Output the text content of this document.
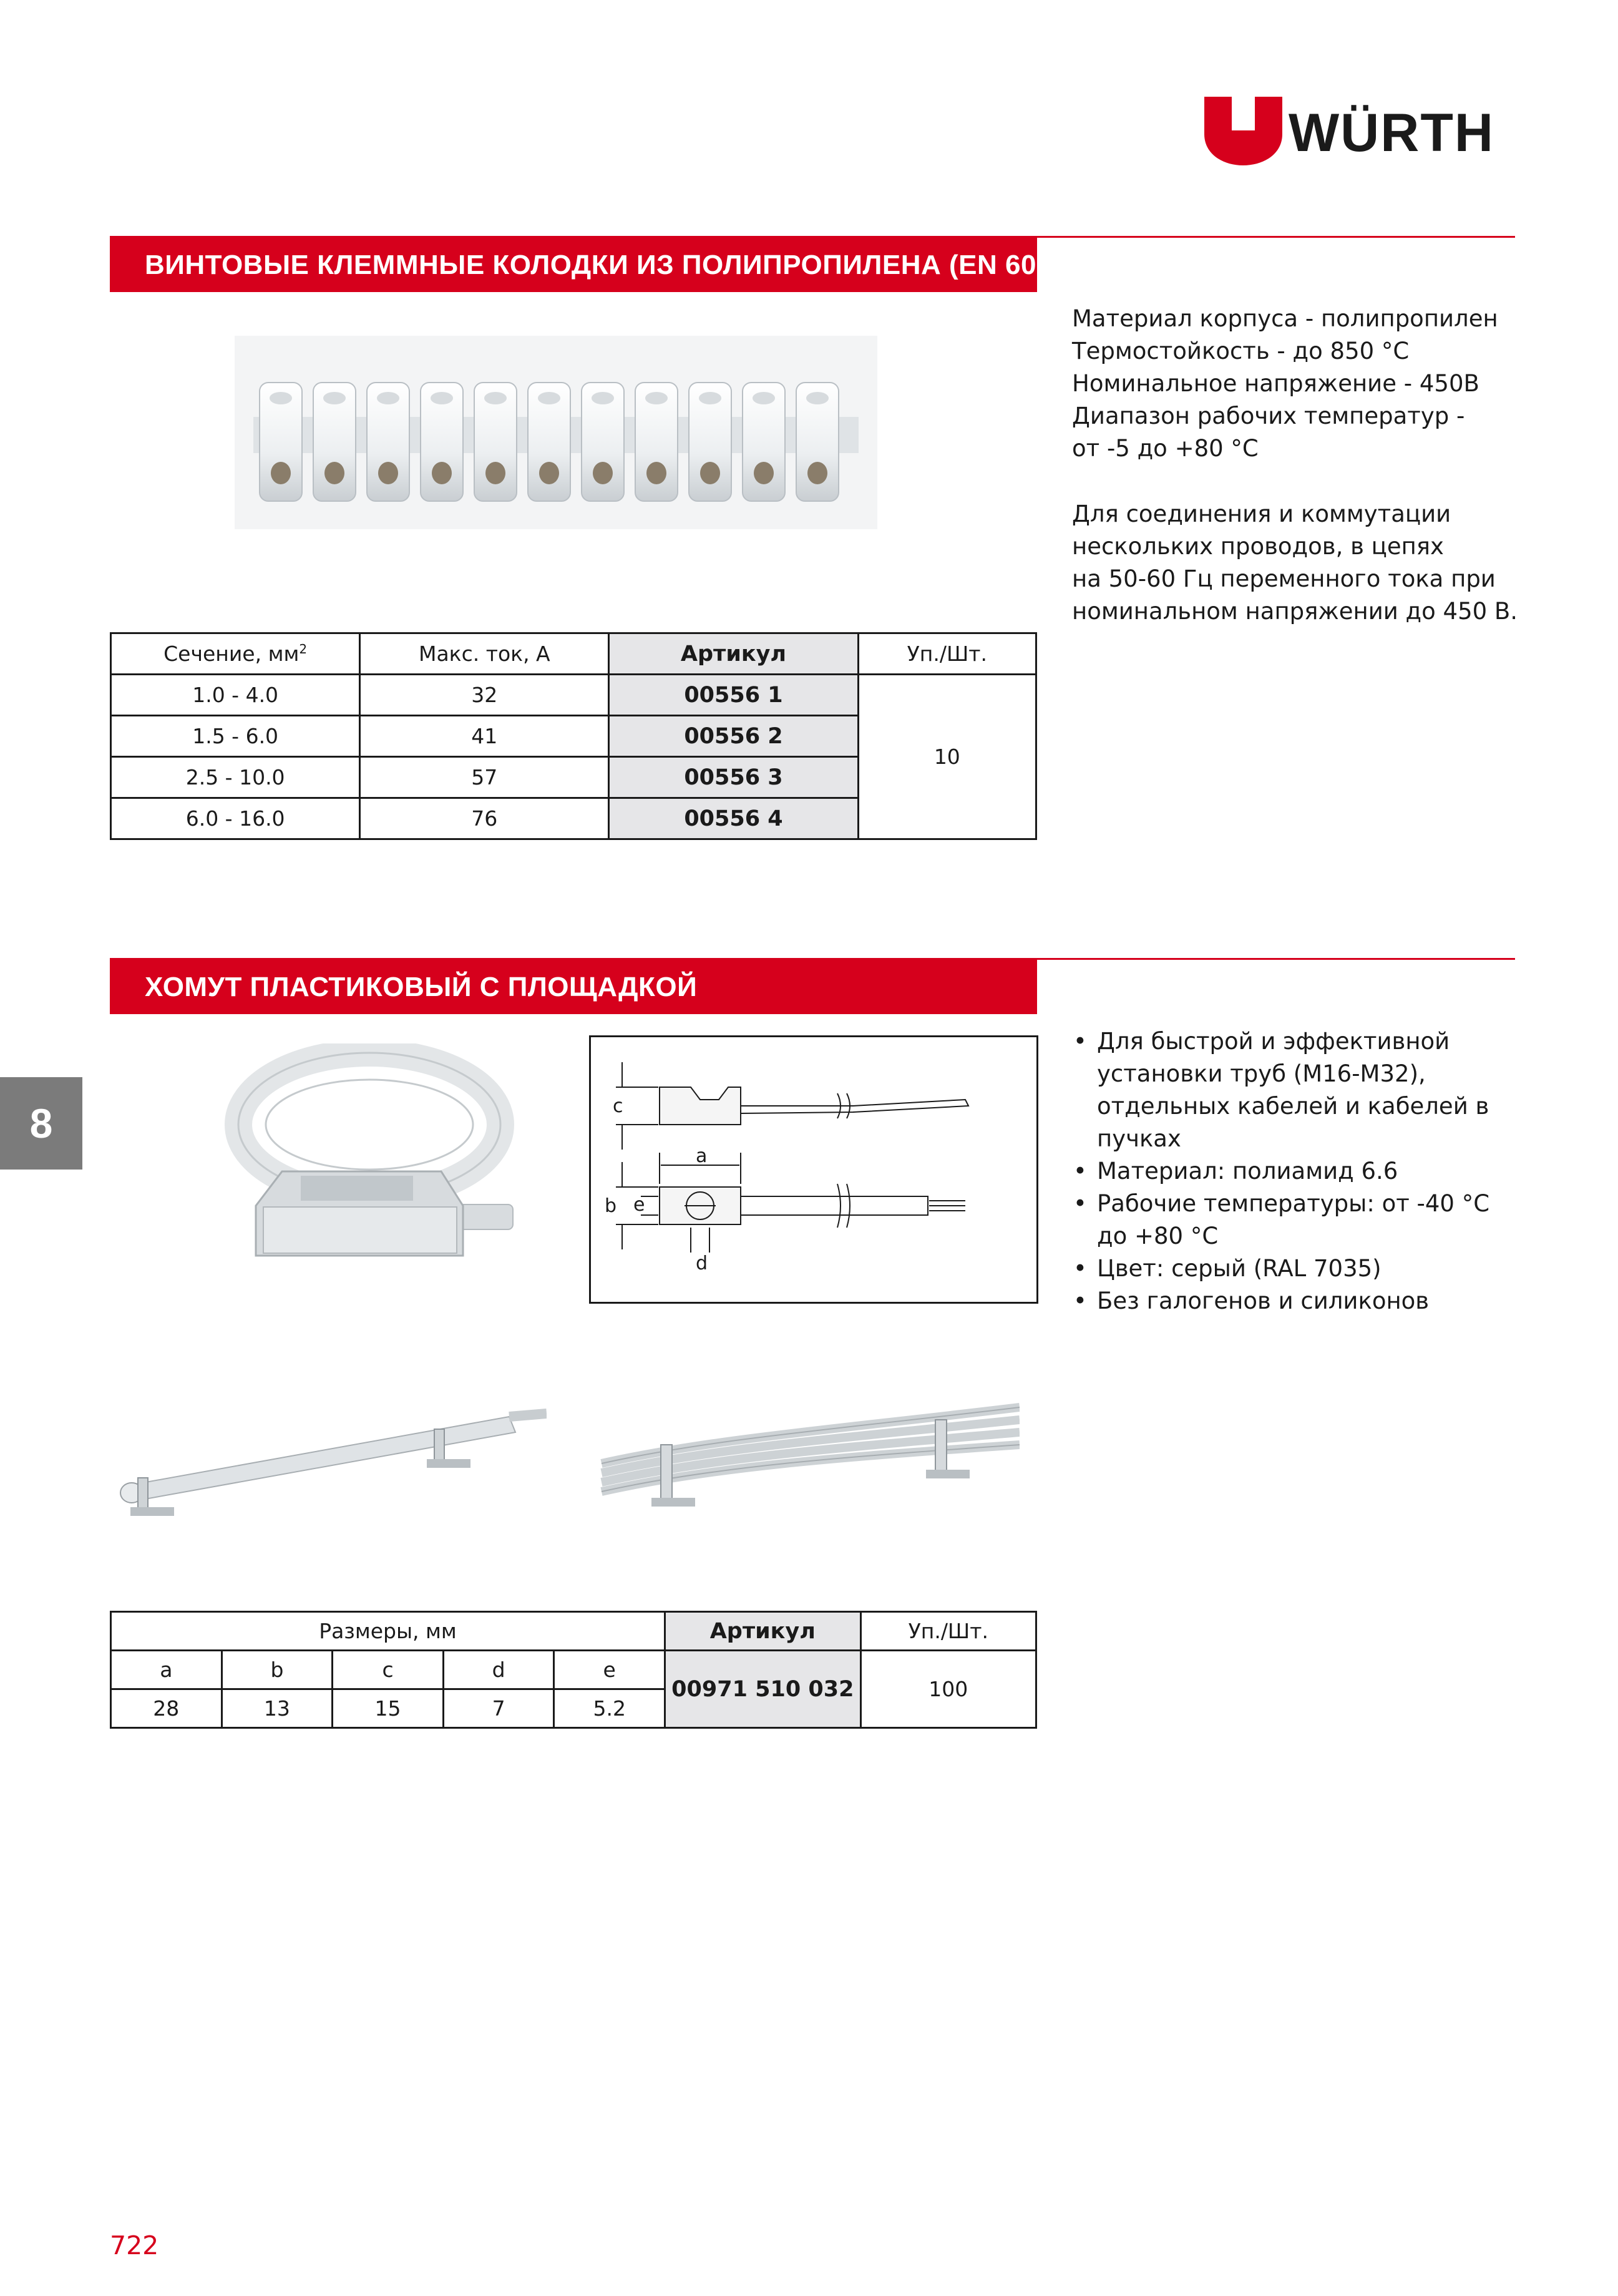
WÜRTH
ВИНТОВЫЕ КЛЕММНЫЕ КОЛОДКИ ИЗ ПОЛИПРОПИЛЕНА (EN 60998)
Материал корпуса - полипропилен
Термостойкость - до 850 °C
Номинальное напряжение - 450В
Диапазон рабочих температур -
от -5 до +80 °C
Для соединения и коммутации
нескольких проводов, в цепях
на 50-60 Гц переменного тока при
номинальном напряжении до 450 В.
Сечение, $мм^2$	Макс. ток, А	Артикул	Уп./Шт.
1.0 - 4.0	32	00556 1	10
1.5 - 6.0	41	00556 2	
2.5 - 10.0	57	00556 3	
6.0 - 16.0	76	00556 4	
ХОМУТ ПЛАСТИКОВЫЙ С ПЛОЩАДКОЙ
8	c
a
b e
d
• Для быстрой и эффективной
установки труб (M16-M32),
отдельных кабелей и кабелей в
пучках
• Материал: полиамид 6.6
• Рабочие температуры: от -40 °C
до +80 °C
• Цвет: серый (RAL 7035)
• Без галогенов и силиконов
Размеры, мм					Артикул	Уп./Шт.
a	b	c	d	e	00971 510 032	100
28	13	15	7	5.2		
722
